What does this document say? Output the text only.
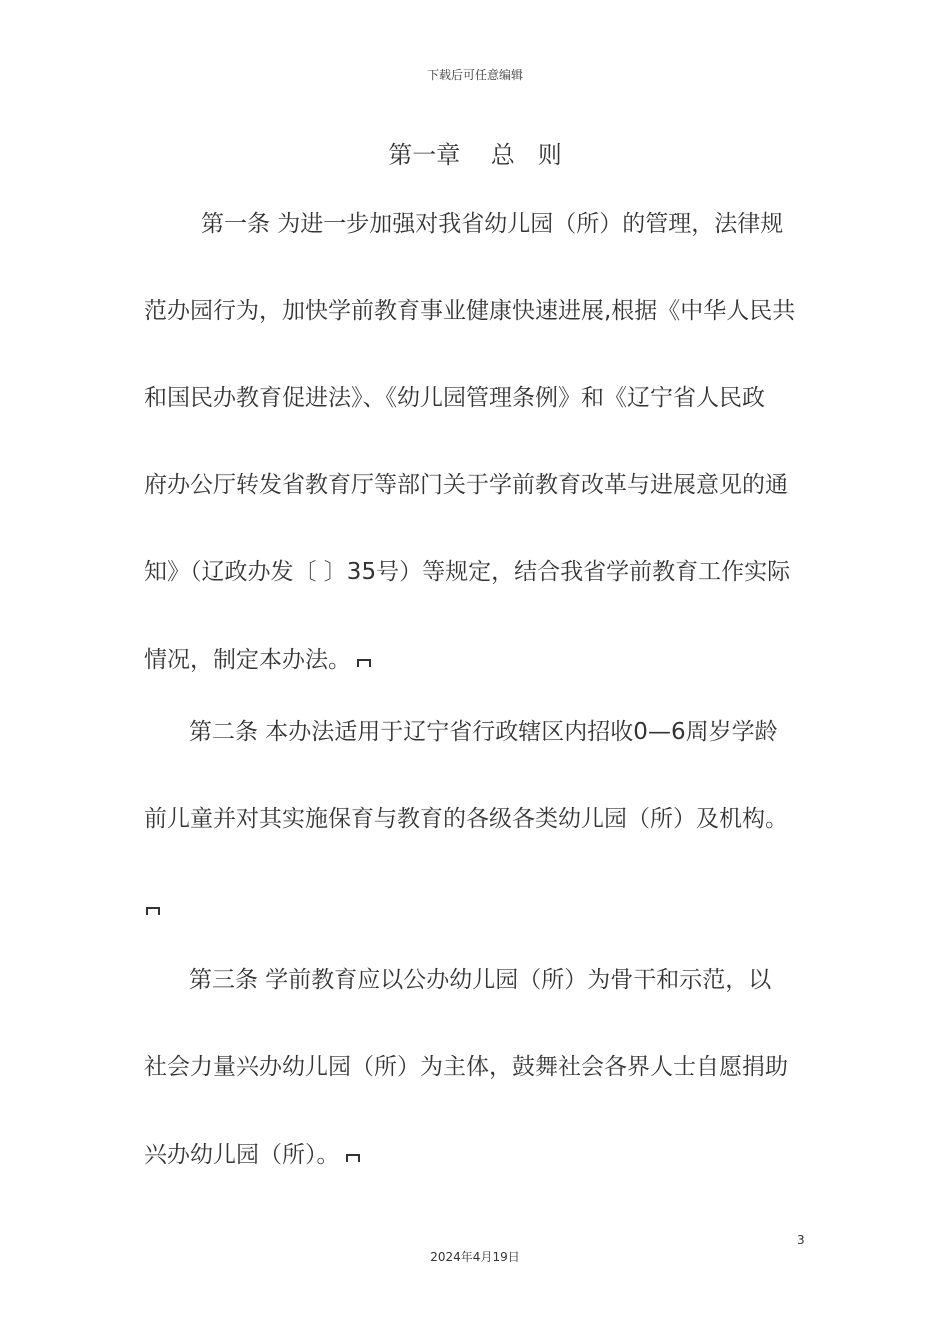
下载后可任意编辑
第一章    总   则
第一条 为进一步加强对我省幼儿园（所）的管理，法律规
范办园行为，加快学前教育事业健康快速进展,根据《中华人民共
和国民办教育促进法》、《幼儿园管理条例》和《辽宁省人民政
府办公厅转发省教育厅等部门关于学前教育改革与进展意见的通
知》（辽政办发〔 〕35号）等规定，结合我省学前教育工作实际
情况，制定本办法。
第二条 本办法适用于辽宁省行政辖区内招收0—6周岁学龄
前儿童并对其实施保育与教育的各级各类幼儿园（所）及机构。
第三条 学前教育应以公办幼儿园（所）为骨干和示范，以
社会力量兴办幼儿园（所）为主体，鼓舞社会各界人士自愿捐助
兴办幼儿园（所）。
3
2024年4月19日
